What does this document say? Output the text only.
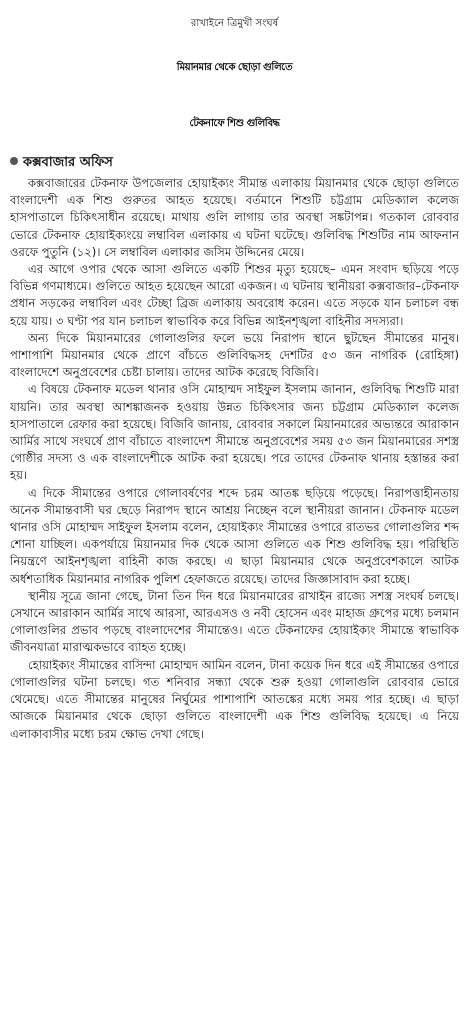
রাখাইনে ত্রিমুখী সংঘর্ষ
মিয়ানমার থেকে ছোড়া গুলিতে
টেকনাফে শিশু গুলিবিদ্ধ
কক্সবাজার অফিস

কক্সবাজারের টেকনাফ উপজেলার হোয়াইক্যং সীমান্ত এলাকায় মিয়ানমার থেকে ছোড়া গুলিতে বাংলাদেশী এক শিশু গুরুতর আহত হয়েছে। বর্তমানে শিশুটি চট্টগ্রাম মেডিক্যাল কলেজ হাসপাতালে চিকিৎসাধীন রয়েছে। মাথায় গুলি লাগায় তার অবস্থা সঙ্কটাপন্ন। গতকাল রোববার ভোরে টেকনাফ হোয়াইক্যংয়ে লম্বাবিল এলাকায় এ ঘটনা ঘটেছে। গুলিবিদ্ধ শিশুটির নাম আফনান ওরফে পুতুনি (১২)। সে লম্বাবিল এলাকার জসিম উদ্দিনের মেয়ে।

এর আগে ওপার থেকে আসা গুলিতে একটি শিশুর মৃত্যু হয়েছে– এমন সংবাদ ছড়িয়ে পড়ে বিভিন্ন গণমাধ্যমে। গুলিতে আহত হয়েছেন আরো একজন। এ ঘটনায় স্থানীয়রা কক্সবাজার–টেকনাফ প্রধান সড়কের লম্বাবিল এবং টেচ্ছা ব্রিজ এলাকায় অবরোধ করেন। এতে সড়কে যান চলাচল বন্ধ হয়ে যায়। ৩ ঘণ্টা পর যান চলাচল স্বাভাবিক করে বিভিন্ন আইনশৃঙ্খলা বাহিনীর সদস্যরা।

অন্য দিকে মিয়ানমারের গোলাগুলির ফলে ভয়ে নিরাপদ স্থানে ছুটছেন সীমান্তের মানুষ। পাশাপাশি মিয়ানমার থেকে প্রাণে বাঁচতে গুলিবিদ্ধসহ দেশটির ৫৩ জন নাগরিক (রোহিঙ্গা) বাংলাদেশে অনুপ্রবেশের চেষ্টা চালায়। তাদের আটক করেছে বিজিবি।

এ বিষয়ে টেকনাফ মডেল থানার ওসি মোহাম্মদ সাইফুল ইসলাম জানান, গুলিবিদ্ধ শিশুটি মারা যায়নি। তার অবস্থা আশঙ্কাজনক হওয়ায় উন্নত চিকিৎসার জন্য চট্টগ্রাম মেডিক্যাল কলেজ হাসপাতালে রেফার করা হয়েছে। বিজিবি জানায়, রোববার সকালে মিয়ানমারের অভ্যন্তরে আরাকান আর্মির সাথে সংঘর্ষে প্রাণ বাঁচাতে বাংলাদেশ সীমান্তে অনুপ্রবেশের সময় ৫৩ জন মিয়ানমারের সশস্ত্র গোষ্ঠীর সদস্য ও এক বাংলাদেশীকে আটক করা হয়েছে। পরে তাদের টেকনাফ থানায় হস্তান্তর করা হয়।

এ দিকে সীমান্তের ওপারে গোলাবর্ষণের শব্দে চরম আতঙ্ক ছড়িয়ে পড়েছে। নিরাপত্তাহীনতায় অনেক সীমান্তবাসী ঘর ছেড়ে নিরাপদ স্থানে আশ্রয় নিচ্ছেন বলে স্থানীয়রা জানান। টেকনাফ মডেল থানার ওসি মোহাম্মদ সাইফুল ইসলাম বলেন, হোয়াইক্যং সীমান্তের ওপারে রাতভর গোলাগুলির শব্দ শোনা যাচ্ছিল। একপর্যায়ে মিয়ানমার দিক থেকে আসা গুলিতে এক শিশু গুলিবিদ্ধ হয়। পরিস্থিতি নিয়ন্ত্রণে আইনশৃঙ্খলা বাহিনী কাজ করছে। এ ছাড়া মিয়ানমার থেকে অনুপ্রবেশকালে আটক অর্ধশতাধিক মিয়ানমার নাগরিক পুলিশ হেফাজতে রয়েছে। তাদের জিজ্ঞাসাবাদ করা হচ্ছে।

স্থানীয় সূত্রে জানা গেছে, টানা তিন দিন ধরে মিয়ানমারের রাখাইন রাজ্যে সশস্ত্র সংঘর্ষ চলছে। সেখানে আরাকান আর্মির সাথে আরসা, আরএসও ও নবী হোসেন এবং মাহাজ গ্রুপের মধ্যে চলমান গোলাগুলির প্রভাব পড়ছে বাংলাদেশের সীমান্তেও। এতে টেকনাফের হোয়াইক্যং সীমান্তে স্বাভাবিক জীবনযাত্রা মারাত্মকভাবে ব্যাহত হচ্ছে।

হোয়াইক্যং সীমান্তের বাসিন্দা মোহাম্মদ আমিন বলেন, টানা কয়েক দিন ধরে এই সীমান্তের ওপারে গোলাগুলির ঘটনা চলছে। গত শনিবার সন্ধ্যা থেকে শুরু হওয়া গোলাগুলি রোববার ভোরে থেমেছে। এতে সীমান্তের মানুষের নির্ঘুমের পাশাপাশি আতঙ্কের মধ্যে সময় পার হচ্ছে। এ ছাড়া আজকে মিয়ানমার থেকে ছোড়া গুলিতে বাংলাদেশী এক শিশু গুলিবিদ্ধ হয়েছে। এ নিয়ে এলাকাবাসীর মধ্যে চরম ক্ষোভ দেখা গেছে।
